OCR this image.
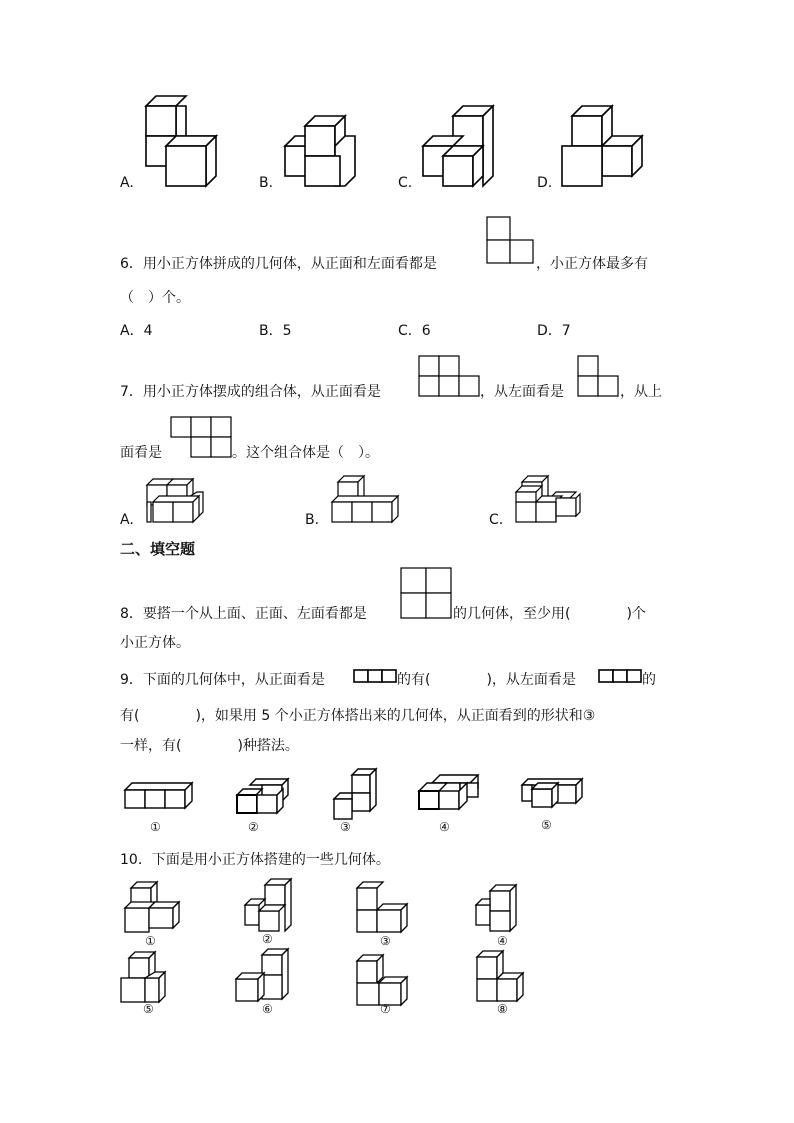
A.	B.	C.	D.
6．用小正方体拼成的几何体，从正面和左面看都是	，小正方体最多有
（　）个。
A．4	B．5	C．6	D．7
7．用小正方体摆成的组合体，从正面看是	，从左面看是	，从上
面看是	。这个组合体是（　）。
A.	B.	C.
二、填空题
8．要搭一个从上面、正面、左面看都是	的几何体，至少用(　　　　)个
小正方体。
9．下面的几何体中，从正面看是	的有(　　　　)，从左面看是	的
有(　　　　)，如果用 5 个小正方体搭出来的几何体，从正面看到的形状和③
一样，有(　　　　)种搭法。
①	②	③	④	⑤
10．下面是用小正方体搭建的一些几何体。
①	②	③	④
⑤	⑥	⑦	⑧
